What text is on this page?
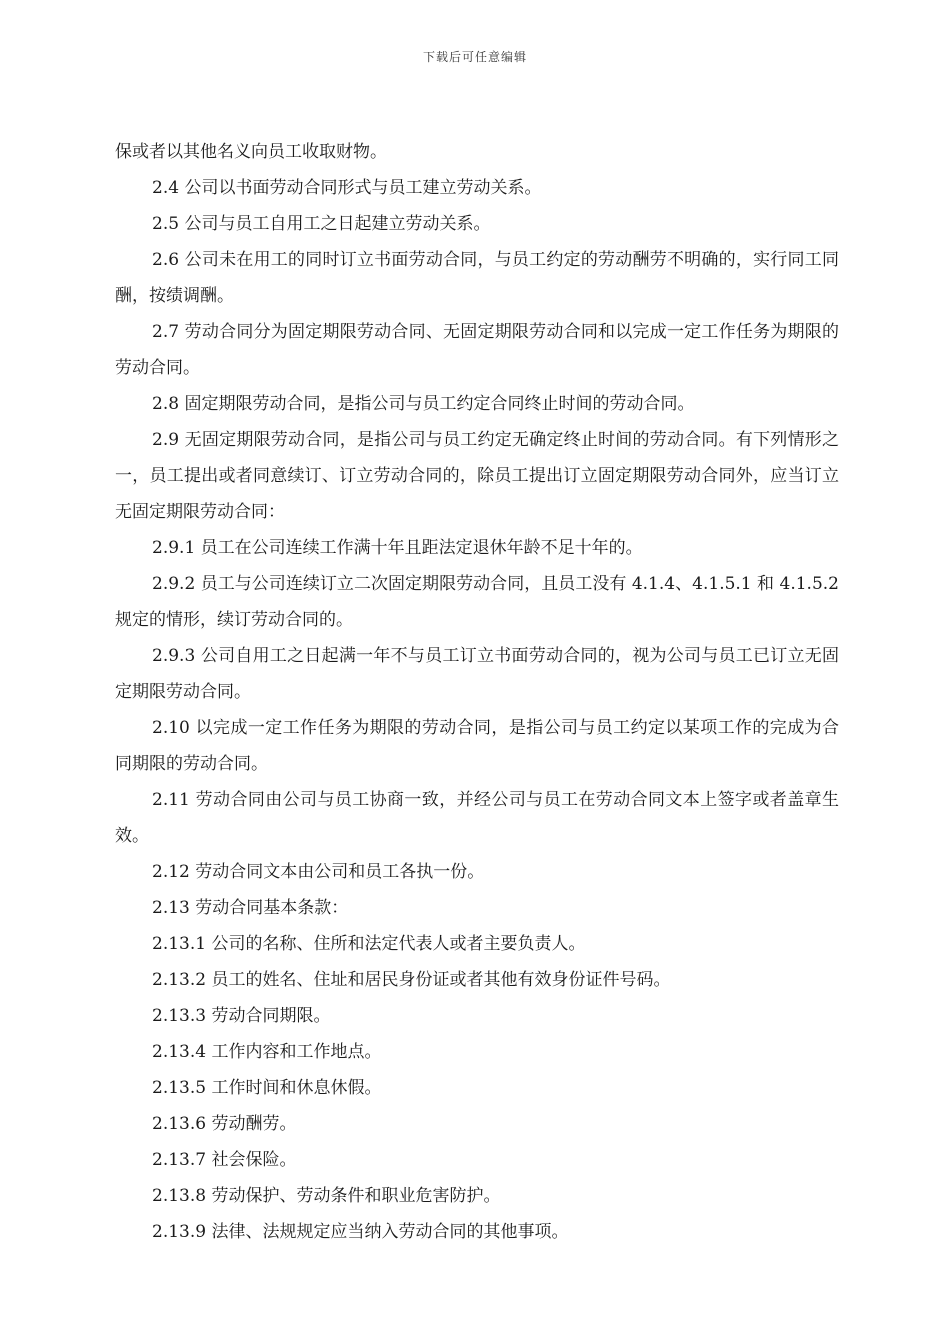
下载后可任意编辑

保或者以其他名义向员工收取财物。

2.4 公司以书面劳动合同形式与员工建立劳动关系。

2.5 公司与员工自用工之日起建立劳动关系。

2.6 公司未在用工的同时订立书面劳动合同，与员工约定的劳动酬劳不明确的，实行同工同酬，按绩调酬。

2.7 劳动合同分为固定期限劳动合同、无固定期限劳动合同和以完成一定工作任务为期限的劳动合同。

2.8 固定期限劳动合同，是指公司与员工约定合同终止时间的劳动合同。

2.9 无固定期限劳动合同，是指公司与员工约定无确定终止时间的劳动合同。有下列情形之一，员工提出或者同意续订、订立劳动合同的，除员工提出订立固定期限劳动合同外，应当订立无固定期限劳动合同：

2.9.1 员工在公司连续工作满十年且距法定退休年龄不足十年的。

2.9.2 员工与公司连续订立二次固定期限劳动合同，且员工没有 4.1.4、4.1.5.1 和 4.1.5.2 规定的情形，续订劳动合同的。

2.9.3 公司自用工之日起满一年不与员工订立书面劳动合同的，视为公司与员工已订立无固定期限劳动合同。

2.10 以完成一定工作任务为期限的劳动合同，是指公司与员工约定以某项工作的完成为合同期限的劳动合同。

2.11 劳动合同由公司与员工协商一致，并经公司与员工在劳动合同文本上签字或者盖章生效。

2.12 劳动合同文本由公司和员工各执一份。

2.13 劳动合同基本条款：

2.13.1 公司的名称、住所和法定代表人或者主要负责人。

2.13.2 员工的姓名、住址和居民身份证或者其他有效身份证件号码。

2.13.3 劳动合同期限。

2.13.4 工作内容和工作地点。

2.13.5 工作时间和休息休假。

2.13.6 劳动酬劳。

2.13.7 社会保险。

2.13.8 劳动保护、劳动条件和职业危害防护。

2.13.9 法律、法规规定应当纳入劳动合同的其他事项。
